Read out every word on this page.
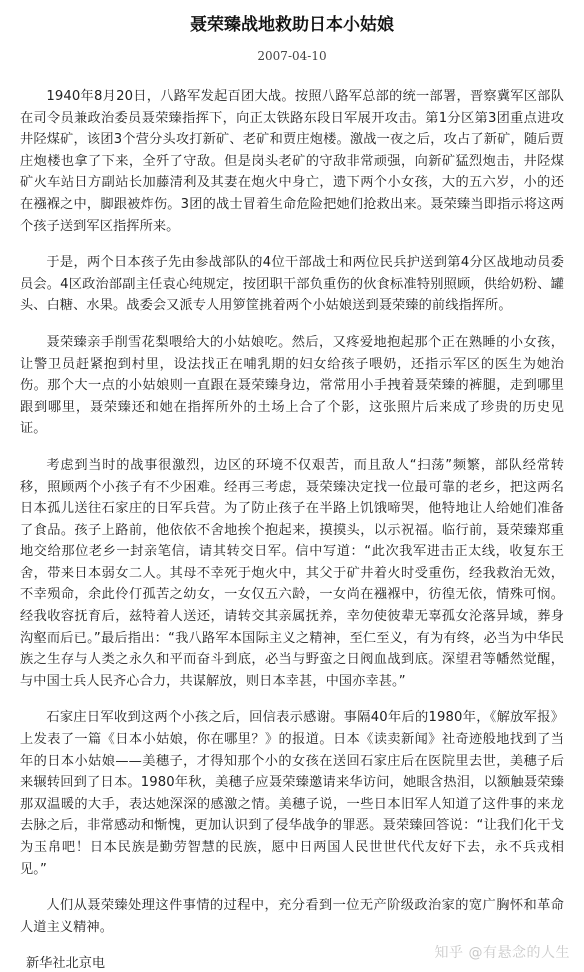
聂荣臻战地救助日本小姑娘
2007-04-10

1940年8月20日，八路军发起百团大战。按照八路军总部的统一部署，晋察冀军区部队在司令员兼政治委员聂荣臻指挥下，向正太铁路东段日军展开攻击。第1分区第3团重点进攻井陉煤矿，该团3个营分头攻打新矿、老矿和贾庄炮楼。激战一夜之后，攻占了新矿，随后贾庄炮楼也拿了下来，全歼了守敌。但是岗头老矿的守敌非常顽强，向新矿猛烈炮击，井陉煤矿火车站日方副站长加藤清利及其妻在炮火中身亡，遗下两个小女孩，大的五六岁，小的还在襁褓之中，脚跟被炸伤。3团的战士冒着生命危险把她们抢救出来。聂荣臻当即指示将这两个孩子送到军区指挥所来。

于是，两个日本孩子先由参战部队的4位干部战士和两位民兵护送到第4分区战地动员委员会。4区政治部副主任袁心纯规定，按团职干部负重伤的伙食标准特别照顾，供给奶粉、罐头、白糖、水果。战委会又派专人用箩筐挑着两个小姑娘送到聂荣臻的前线指挥所。

聂荣臻亲手削雪花梨喂给大的小姑娘吃。然后，又疼爱地抱起那个正在熟睡的小女孩，让警卫员赶紧抱到村里，设法找正在哺乳期的妇女给孩子喂奶，还指示军区的医生为她治伤。那个大一点的小姑娘则一直跟在聂荣臻身边，常常用小手拽着聂荣臻的裤腿，走到哪里跟到哪里，聂荣臻还和她在指挥所外的土场上合了个影，这张照片后来成了珍贵的历史见证。

考虑到当时的战事很激烈，边区的环境不仅艰苦，而且敌人“扫荡”频繁，部队经常转移，照顾两个小孩子有不少困难。经再三考虑，聂荣臻决定找一位最可靠的老乡，把这两名日本孤儿送往石家庄的日军兵营。为了防止孩子在半路上饥饿啼哭，他特地让人给她们准备了食品。孩子上路前，他依依不舍地挨个抱起来，摸摸头，以示祝福。临行前，聂荣臻郑重地交给那位老乡一封亲笔信，请其转交日军。信中写道：“此次我军进击正太线，收复东王舍，带来日本弱女二人。其母不幸死于炮火中，其父于矿井着火时受重伤，经我救治无效，不幸殒命，余此伶仃孤苦之幼女，一女仅五六龄，一女尚在襁褓中，彷徨无依，情殊可悯。经我收容抚育后，兹特着人送还，请转交其亲属抚养，幸勿使彼辈无辜孤女沦落异域，葬身沟壑而后已。”最后指出：“我八路军本国际主义之精神，至仁至义，有为有终，必当为中华民族之生存与人类之永久和平而奋斗到底，必当与野蛮之日阀血战到底。深望君等幡然觉醒，与中国士兵人民齐心合力，共谋解放，则日本幸甚，中国亦幸甚。”

石家庄日军收到这两个小孩之后，回信表示感谢。事隔40年后的1980年，《解放军报》上发表了一篇《日本小姑娘，你在哪里？》的报道。日本《读卖新闻》社奇迹般地找到了当年的日本小姑娘——美穗子，才得知那个小的女孩在送回石家庄后在医院里去世，美穗子后来辗转回到了日本。1980年秋，美穗子应聂荣臻邀请来华访问，她眼含热泪，以额触聂荣臻那双温暖的大手，表达她深深的感激之情。美穗子说，一些日本旧军人知道了这件事的来龙去脉之后，非常感动和惭愧，更加认识到了侵华战争的罪恶。聂荣臻回答说：“让我们化干戈为玉帛吧！日本民族是勤劳智慧的民族，愿中日两国人民世世代代友好下去，永不兵戎相见。”

人们从聂荣臻处理这件事情的过程中，充分看到一位无产阶级政治家的宽广胸怀和革命人道主义精神。

新华社北京电
知乎 @有悬念的人生
